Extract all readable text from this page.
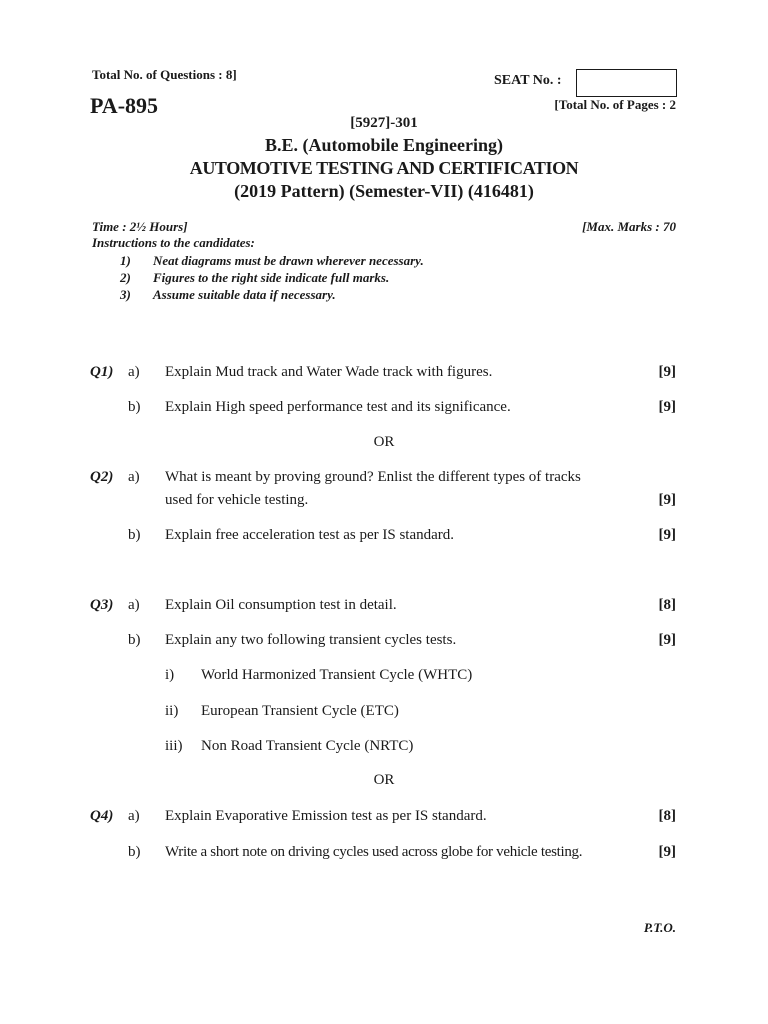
Total No. of Questions : 8]	SEAT No. :
PA-895	[Total No. of Pages : 2
[5927]-301
B.E. (Automobile Engineering)
AUTOMOTIVE TESTING AND CERTIFICATION
(2019 Pattern) (Semester-VII) (416481)
Time : 2½ Hours]	[Max. Marks : 70
Instructions to the candidates:
1) Neat diagrams must be drawn wherever necessary.
2) Figures to the right side indicate full marks.
3) Assume suitable data if necessary.
Q1) a) Explain Mud track and Water Wade track with figures.	[9]
b) Explain High speed performance test and its significance.	[9]
OR
Q2) a) What is meant by proving ground? Enlist the different types of tracks
used for vehicle testing.	[9]
b) Explain free acceleration test as per IS standard.	[9]
Q3) a) Explain Oil consumption test in detail.	[8]
b) Explain any two following transient cycles tests.	[9]
i) World Harmonized Transient Cycle (WHTC)
ii) European Transient Cycle (ETC)
iii) Non Road Transient Cycle (NRTC)
OR
Q4) a) Explain Evaporative Emission test as per IS standard.	[8]
b) Write a short note on driving cycles used across globe for vehicle testing.	[9]
P.T.O.
